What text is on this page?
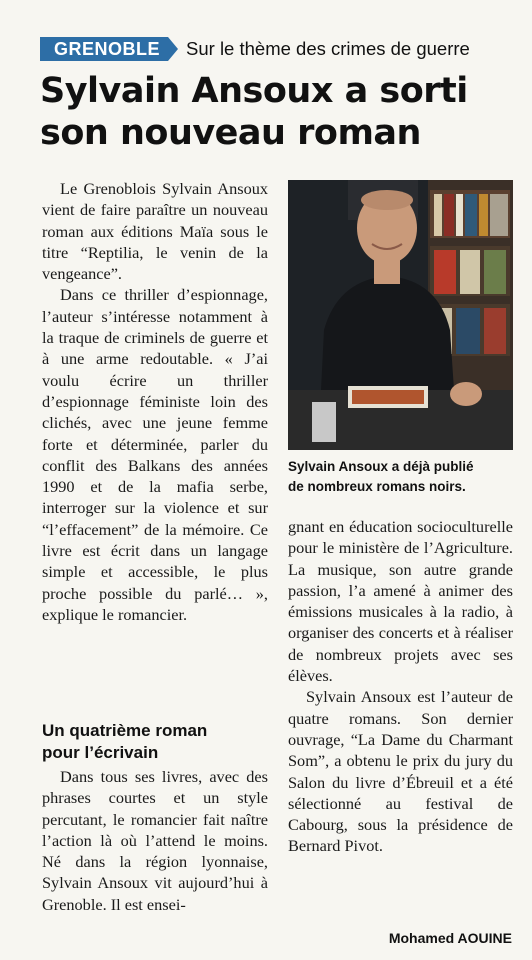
GRENOBLE	Sur le thème des crimes de guerre
Sylvain Ansoux a sorti
son nouveau roman

Le Grenoblois Sylvain Ansoux vient de faire paraître un nouveau roman aux éditions Maïa sous le titre “Reptilia, le venin de la vengeance”.

Dans ce thriller d’espionnage, l’auteur s’intéresse notamment à la traque de criminels de guerre et à une arme redoutable. « J’ai voulu écrire un thriller d’espionnage féministe loin des clichés, avec une jeune femme forte et déterminée, parler du conflit des Balkans des années 1990 et de la mafia serbe, interroger sur la violence et sur “l’effacement” de la mémoire. Ce livre est écrit dans un langage simple et accessible, le plus proche possible du parlé… », explique le romancier.

Un quatrième roman
pour l’écrivain

Dans tous ses livres, avec des phrases courtes et un style percutant, le romancier fait naître l’action là où l’attend le moins. Né dans la région lyonnaise, Sylvain Ansoux vit aujourd’hui à Grenoble. Il est ensei-

Sylvain Ansoux a déjà publié
de nombreux romans noirs.

gnant en éducation socioculturelle pour le ministère de l’Agriculture. La musique, son autre grande passion, l’a amené à animer des émissions musicales à la radio, à organiser des concerts et à réaliser de nombreux projets avec ses élèves.

Sylvain Ansoux est l’auteur de quatre romans. Son dernier ouvrage, “La Dame du Charmant Som”, a obtenu le prix du jury du Salon du livre d’Ébreuil et a été sélectionné au festival de Cabourg, sous la présidence de Bernard Pivot.

Mohamed AOUINE
